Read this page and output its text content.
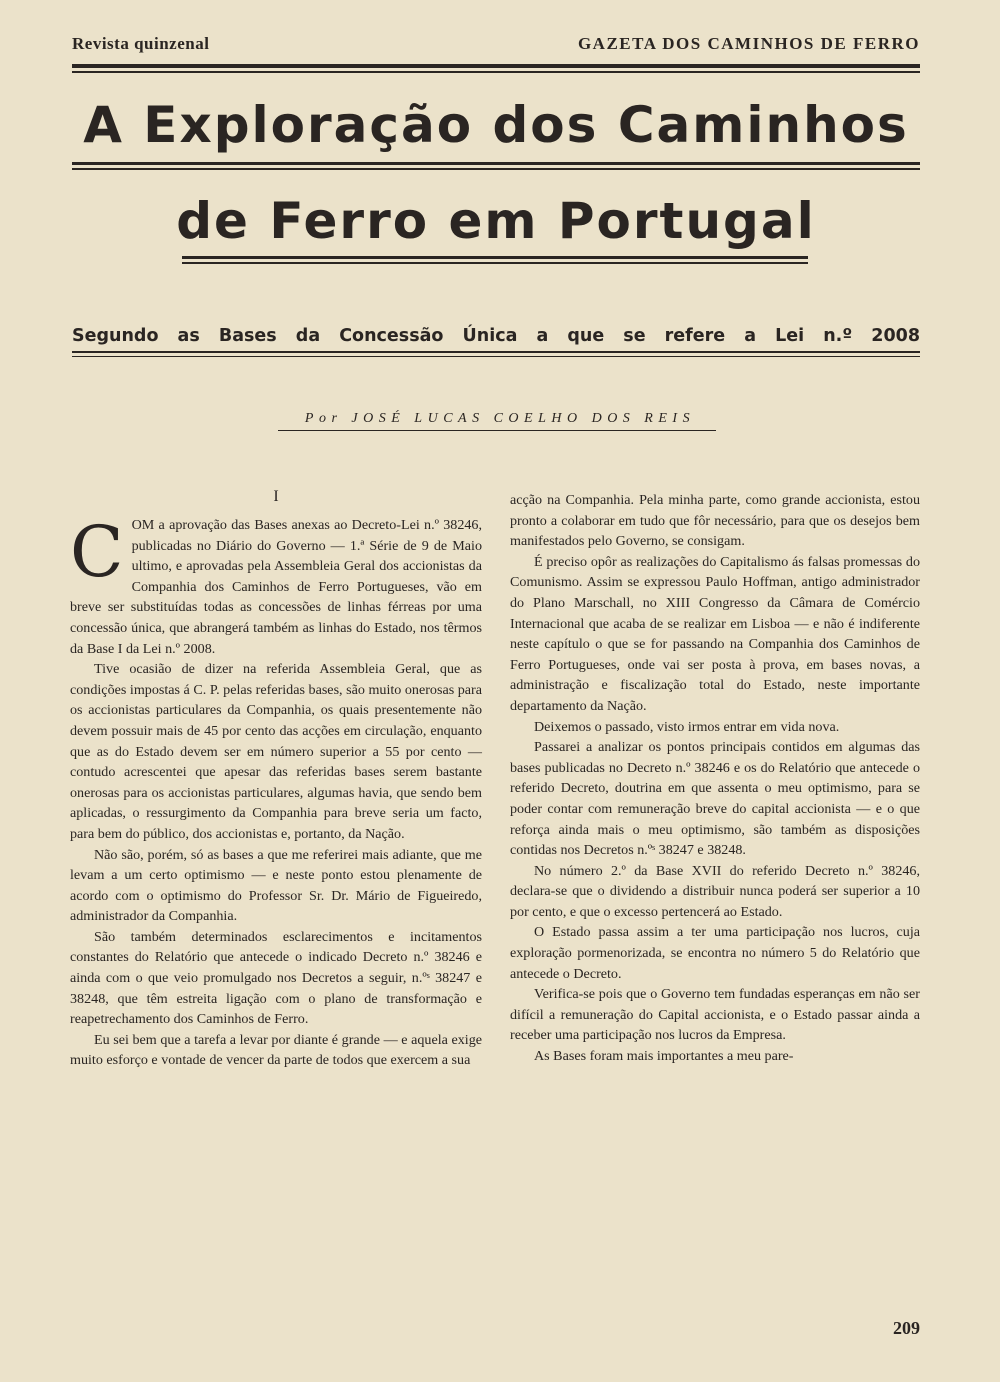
Revista quinzenal	GAZETA DOS CAMINHOS DE FERRO
A Exploração dos Caminhos
de Ferro em Portugal
Segundo as Bases da Concessão Única a que se refere a Lei n.º 2008
Por JOSÉ LUCAS COELHO DOS REIS
I

COM a aprovação das Bases anexas ao Decreto-Lei n.º 38246, publicadas no Diário do Governo — 1.ª Série de 9 de Maio ultimo, e aprovadas pela Assembleia Geral dos accionistas da Companhia dos Caminhos de Ferro Portugueses, vão em breve ser substituídas todas as concessões de linhas férreas por uma concessão única, que abrangerá também as linhas do Estado, nos têrmos da Base I da Lei n.º 2008.

Tive ocasião de dizer na referida Assembleia Geral, que as condições impostas á C. P. pelas referidas bases, são muito onerosas para os accionistas particulares da Companhia, os quais presentemente não devem possuir mais de 45 por cento das acções em circulação, enquanto que as do Estado devem ser em número superior a 55 por cento — contudo acrescentei que apesar das referidas bases serem bastante onerosas para os accionistas particulares, algumas havia, que sendo bem aplicadas, o ressurgimento da Companhia para breve seria um facto, para bem do público, dos accionistas e, portanto, da Nação.

Não são, porém, só as bases a que me referirei mais adiante, que me levam a um certo optimismo — e neste ponto estou plenamente de acordo com o optimismo do Professor Sr. Dr. Mário de Figueiredo, administrador da Companhia.

São também determinados esclarecimentos e incitamentos constantes do Relatório que antecede o indicado Decreto n.º 38246 e ainda com o que veio promulgado nos Decretos a seguir, n.ºˢ 38247 e 38248, que têm estreita ligação com o plano de transformação e reapetrechamento dos Caminhos de Ferro.

Eu sei bem que a tarefa a levar por diante é grande — e aquela exige muito esforço e vontade de vencer da parte de todos que exercem a sua

acção na Companhia. Pela minha parte, como grande accionista, estou pronto a colaborar em tudo que fôr necessário, para que os desejos bem manifestados pelo Governo, se consigam.

É preciso opôr as realizações do Capitalismo ás falsas promessas do Comunismo. Assim se expressou Paulo Hoffman, antigo administrador do Plano Marschall, no XIII Congresso da Câmara de Comércio Internacional que acaba de se realizar em Lisboa — e não é indiferente neste capítulo o que se for passando na Companhia dos Caminhos de Ferro Portugueses, onde vai ser posta à prova, em bases novas, a administração e fiscalização total do Estado, neste importante departamento da Nação.

Deixemos o passado, visto irmos entrar em vida nova.

Passarei a analizar os pontos principais contidos em algumas das bases publicadas no Decreto n.º 38246 e os do Relatório que antecede o referido Decreto, doutrina em que assenta o meu optimismo, para se poder contar com remuneração breve do capital accionista — e o que reforça ainda mais o meu optimismo, são também as disposições contidas nos Decretos n.ºˢ 38247 e 38248.

No número 2.º da Base XVII do referido Decreto n.º 38246, declara-se que o dividendo a distribuir nunca poderá ser superior a 10 por cento, e que o excesso pertencerá ao Estado.

O Estado passa assim a ter uma participação nos lucros, cuja exploração pormenorizada, se encontra no número 5 do Relatório que antecede o Decreto.

Verifica-se pois que o Governo tem fundadas esperanças em não ser difícil a remuneração do Capital accionista, e o Estado passar ainda a receber uma participação nos lucros da Empresa.

As Bases foram mais importantes a meu pare-

209
